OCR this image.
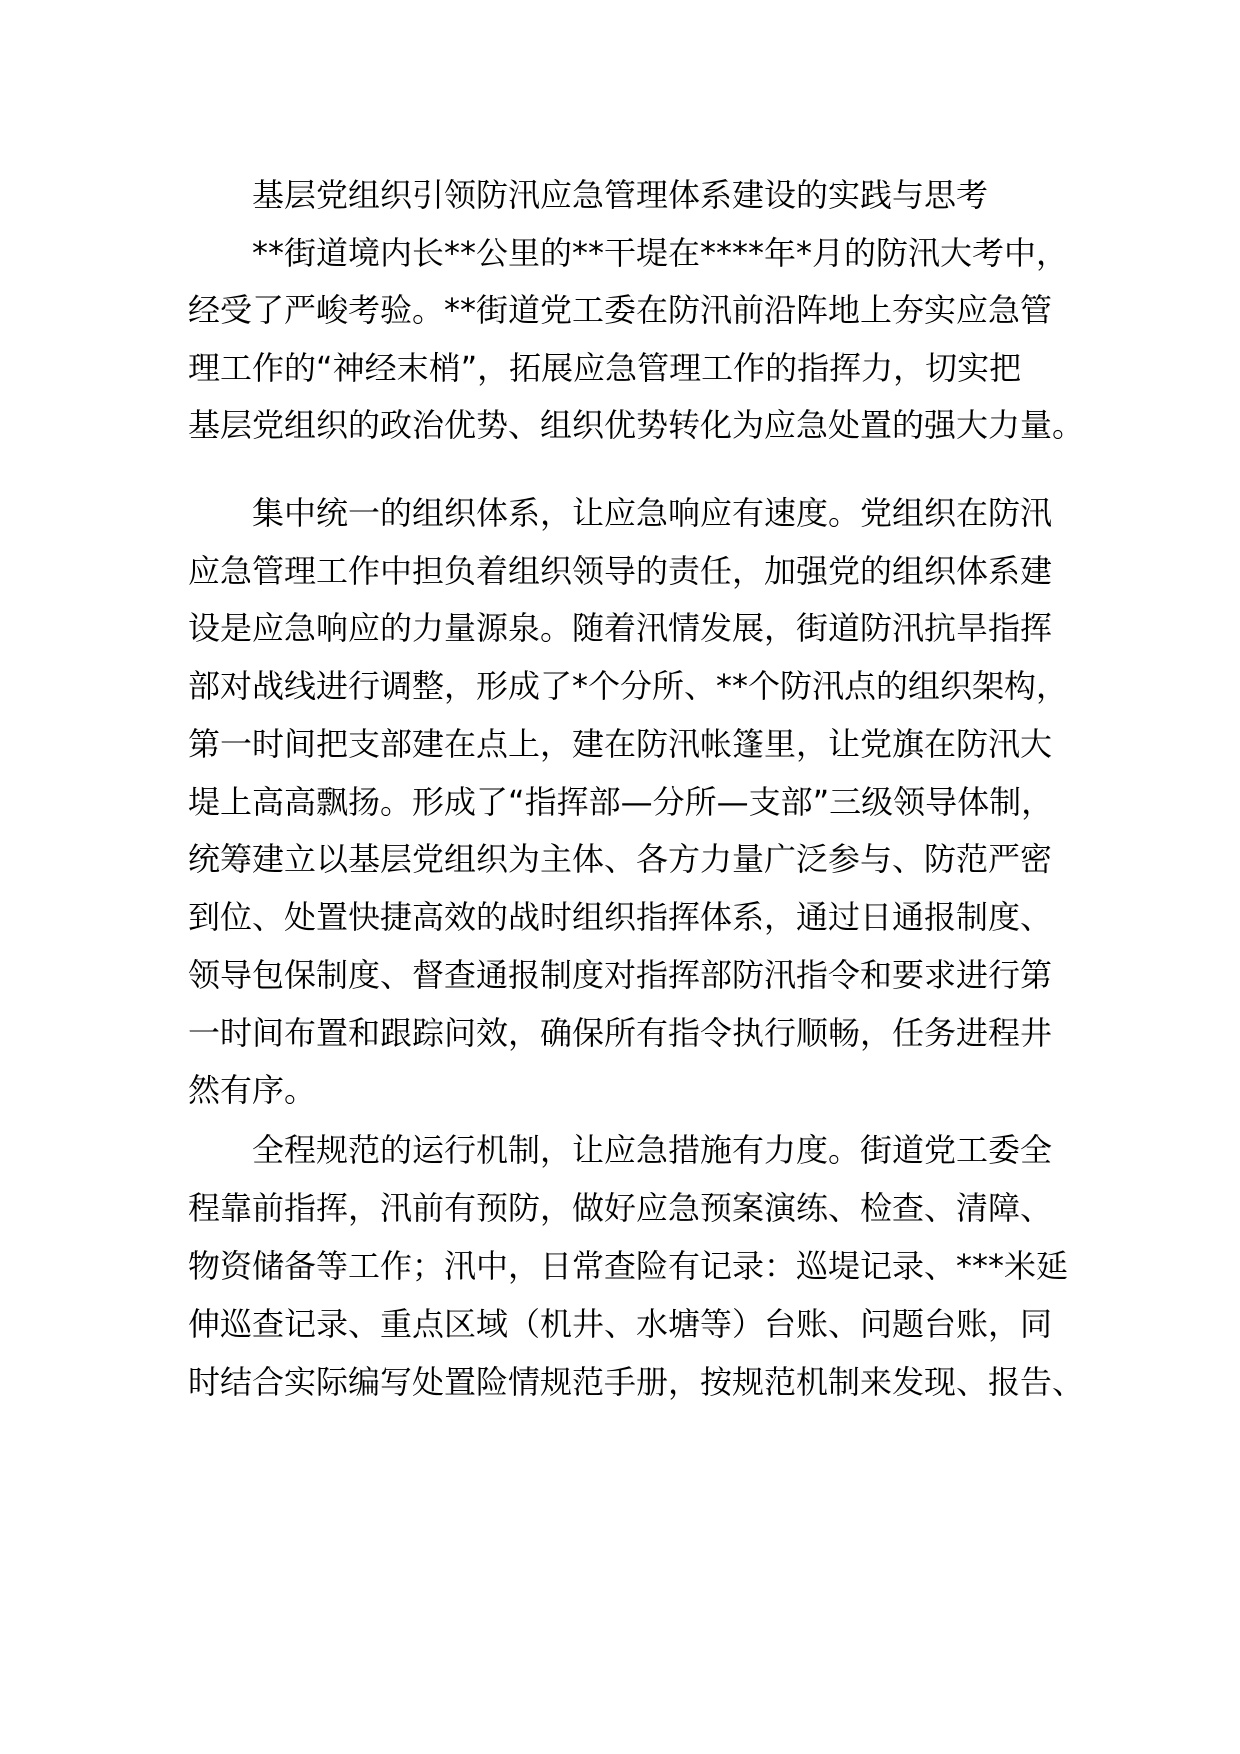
基层党组织引领防汛应急管理体系建设的实践与思考
**街道境内长**公里的**干堤在****年*月的防汛大考中，
经受了严峻考验。**街道党工委在防汛前沿阵地上夯实应急管
理工作的“神经末梢”，拓展应急管理工作的指挥力，切实把
基层党组织的政治优势、组织优势转化为应急处置的强大力量。
集中统一的组织体系，让应急响应有速度。党组织在防汛
应急管理工作中担负着组织领导的责任，加强党的组织体系建
设是应急响应的力量源泉。随着汛情发展，街道防汛抗旱指挥
部对战线进行调整，形成了*个分所、**个防汛点的组织架构，
第一时间把支部建在点上，建在防汛帐篷里，让党旗在防汛大
堤上高高飘扬。形成了“指挥部—分所—支部”三级领导体制，
统筹建立以基层党组织为主体、各方力量广泛参与、防范严密
到位、处置快捷高效的战时组织指挥体系，通过日通报制度、
领导包保制度、督查通报制度对指挥部防汛指令和要求进行第
一时间布置和跟踪问效，确保所有指令执行顺畅，任务进程井
然有序。
全程规范的运行机制，让应急措施有力度。街道党工委全
程靠前指挥，汛前有预防，做好应急预案演练、检查、清障、
物资储备等工作；汛中，日常查险有记录：巡堤记录、***米延
伸巡查记录、重点区域（机井、水塘等）台账、问题台账，同
时结合实际编写处置险情规范手册，按规范机制来发现、报告、
